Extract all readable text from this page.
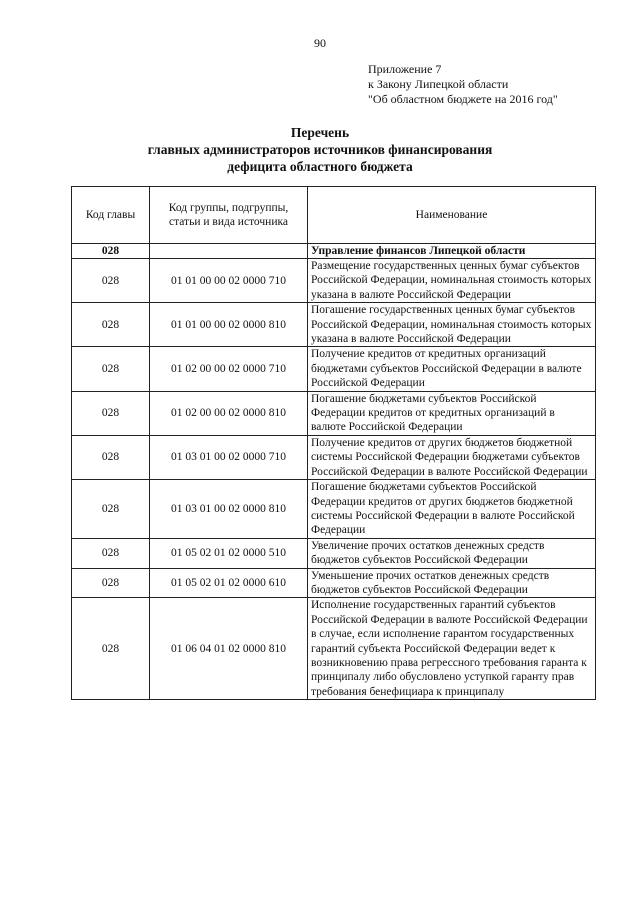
90
Приложение 7
к Закону Липецкой области
"Об областном бюджете на 2016 год"
Перечень
главных администраторов источников финансирования
дефицита областного бюджета
Код главы	Код группы, подгруппы, статьи и вида источника	Наименование
028		Управление финансов Липецкой области
028	01 01 00 00 02 0000 710	Размещение государственных ценных бумаг субъектов Российской Федерации, номинальная стоимость которых указана в валюте Российской Федерации
028	01 01 00 00 02 0000 810	Погашение государственных ценных бумаг субъектов Российской Федерации, номинальная стоимость которых указана в валюте Российской Федерации
028	01 02 00 00 02 0000 710	Получение кредитов от кредитных организаций бюджетами субъектов Российской Федерации в валюте Российской Федерации
028	01 02 00 00 02 0000 810	Погашение бюджетами субъектов Российской Федерации кредитов от кредитных организаций в валюте Российской Федерации
028	01 03 01 00 02 0000 710	Получение кредитов от других бюджетов бюджетной системы Российской Федерации бюджетами субъектов Российской Федерации в валюте Российской Федерации
028	01 03 01 00 02 0000 810	Погашение бюджетами субъектов Российской Федерации кредитов от других бюджетов бюджетной системы Российской Федерации в валюте Российской Федерации
028	01 05 02 01 02 0000 510	Увеличение прочих остатков денежных средств бюджетов субъектов Российской Федерации
028	01 05 02 01 02 0000 610	Уменьшение прочих остатков денежных средств бюджетов субъектов Российской Федерации
028	01 06 04 01 02 0000 810	Исполнение государственных гарантий субъектов Российской Федерации в валюте Российской Федерации в случае, если исполнение гарантом государственных гарантий субъекта Российской Федерации ведет к возникновению права регрессного требования гаранта к принципалу либо обусловлено уступкой гаранту прав требования бенефициара к принципалу
